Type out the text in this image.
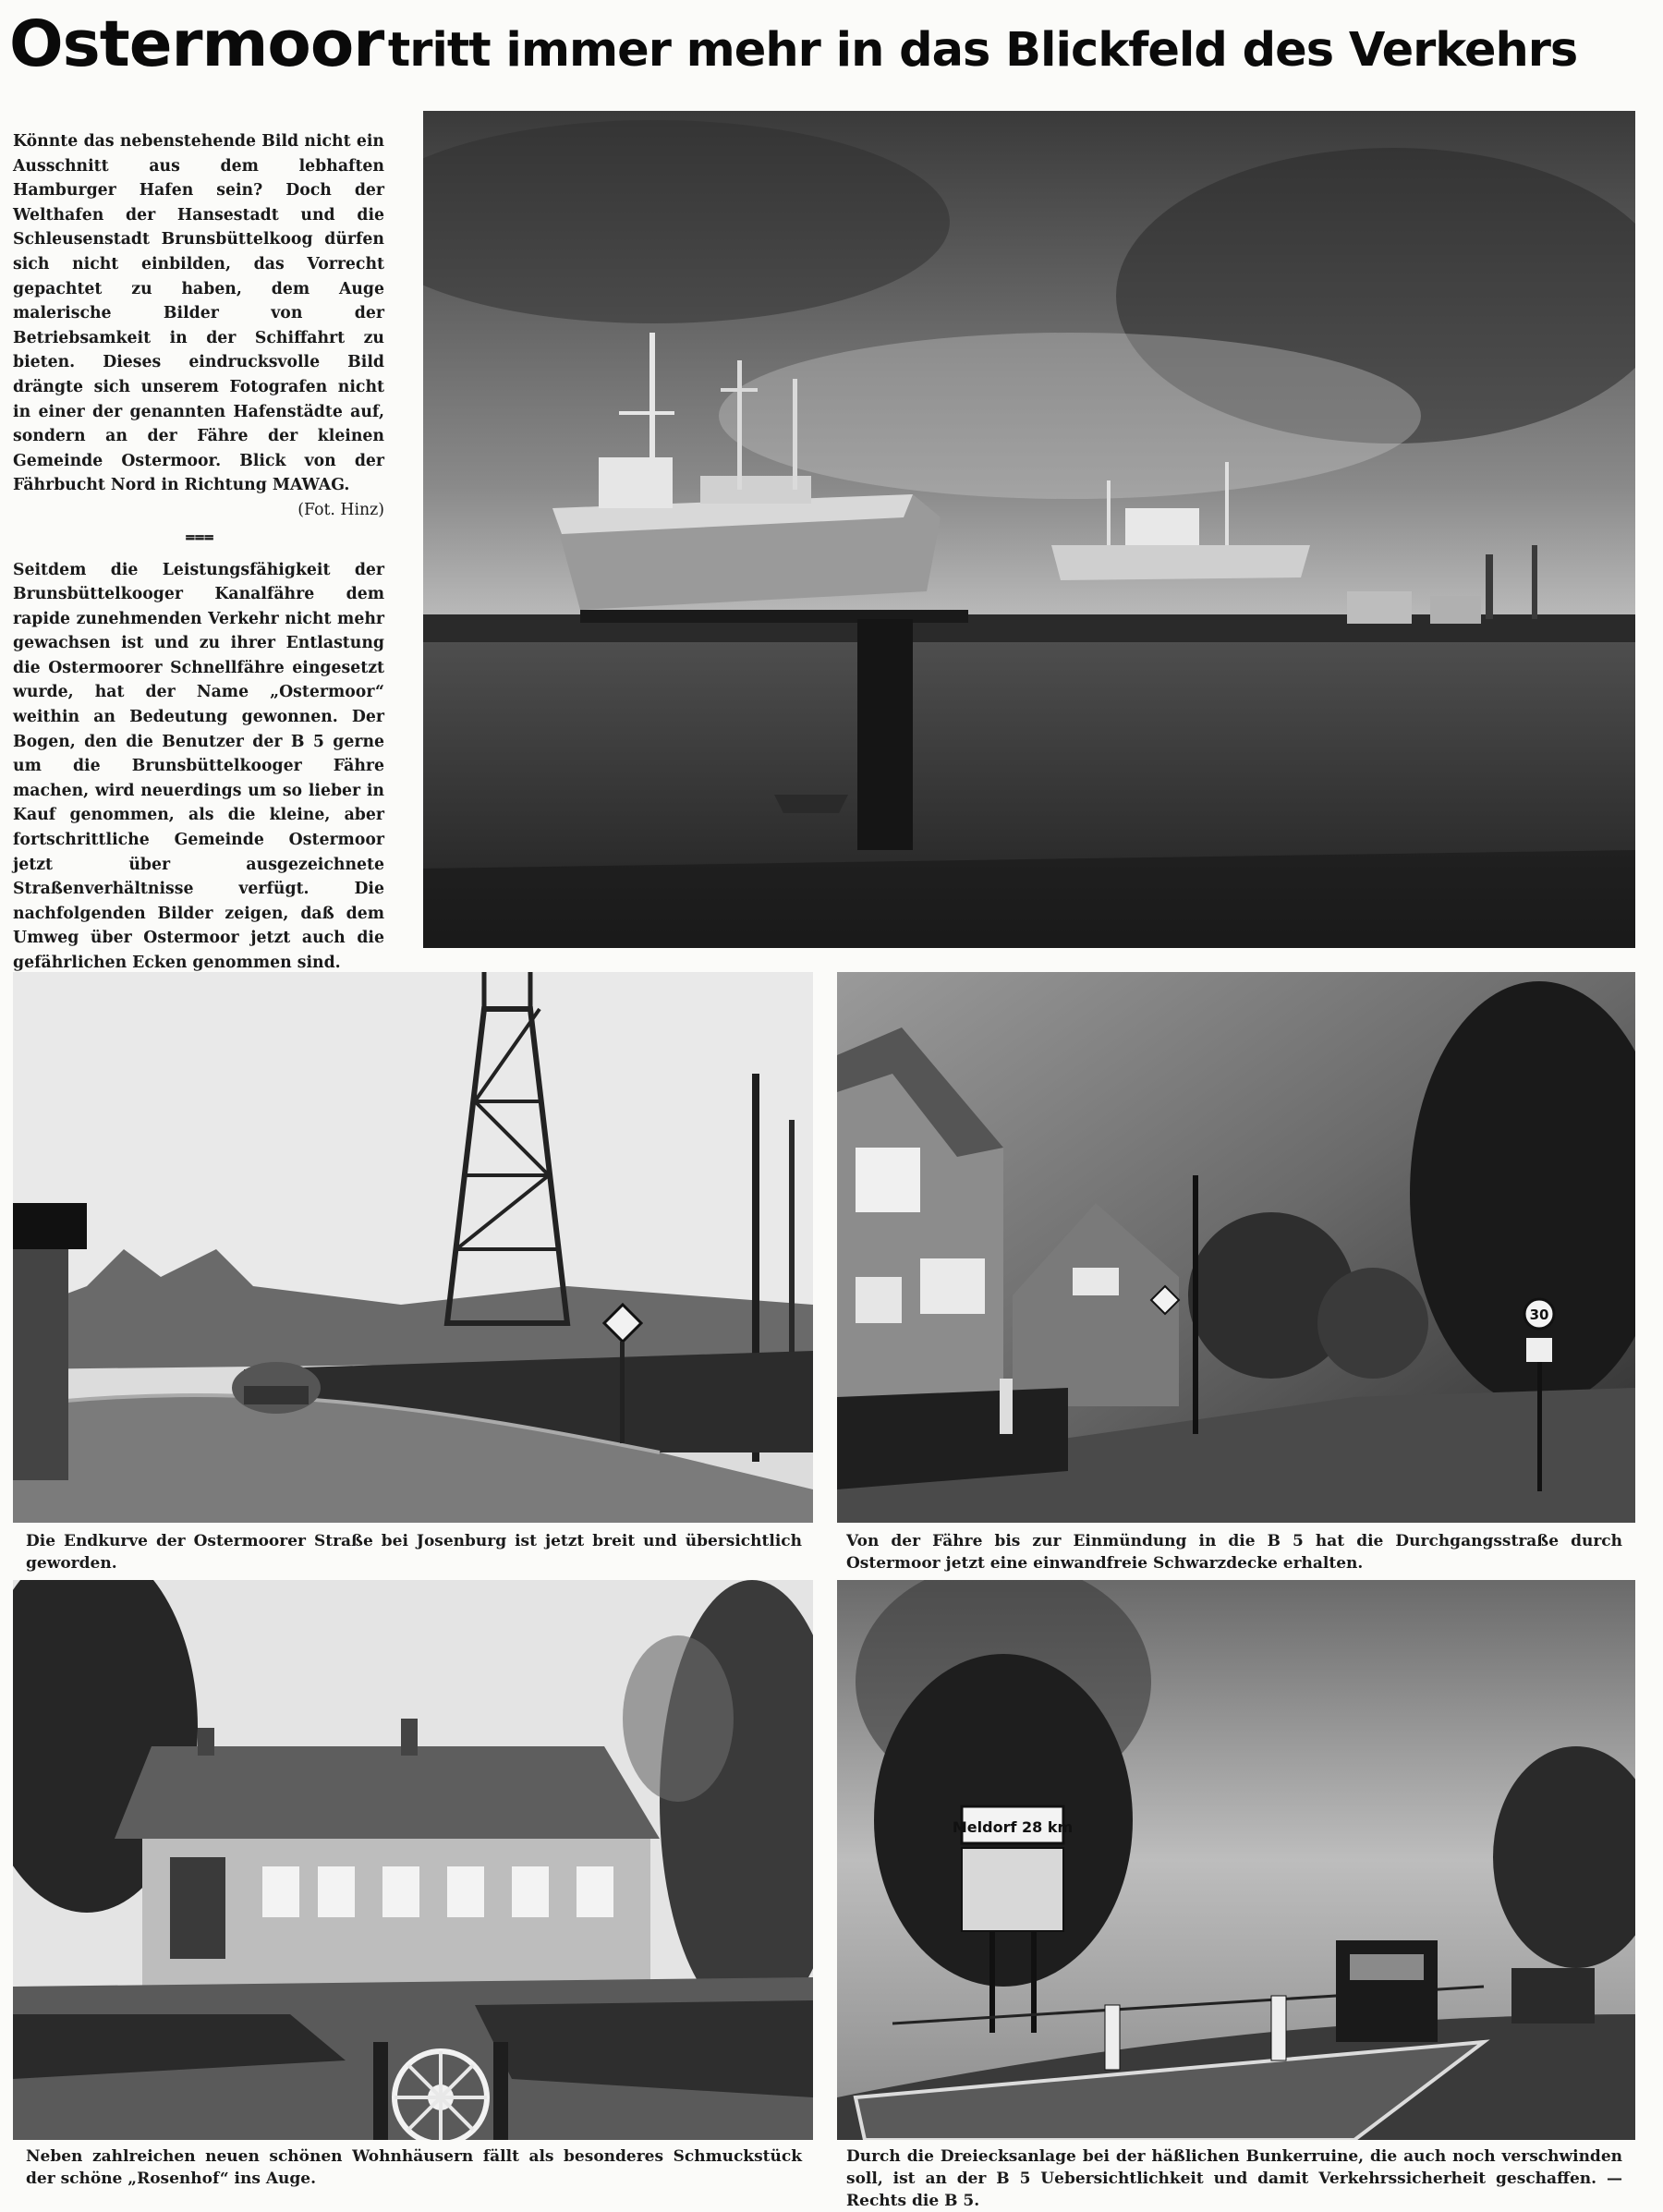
Ostermoor tritt immer mehr in das Blickfeld des Verkehrs
Könnte das nebenstehende Bild nicht ein Ausschnitt aus dem lebhaften Hamburger Hafen sein? Doch der Welthafen der Hansestadt und die Schleusenstadt Brunsbüttelkoog dürfen sich nicht einbilden, das Vorrecht gepachtet zu haben, dem Auge malerische Bilder von der Betriebsamkeit in der Schiffahrt zu bieten. Dieses eindrucksvolle Bild drängte sich unserem Fotografen nicht in einer der genannten Hafenstädte auf, sondern an der Fähre der kleinen Gemeinde Ostermoor. Blick von der Fährbucht Nord in Richtung MAWAG.
(Fot. Hinz)
⩶
Seitdem die Leistungsfähigkeit der Brunsbüttelkooger Kanalfähre dem rapide zunehmenden Verkehr nicht mehr gewachsen ist und zu ihrer Entlastung die Ostermoorer Schnellfähre eingesetzt wurde, hat der Name „Ostermoor“ weithin an Bedeutung gewonnen. Der Bogen, den die Benutzer der B 5 gerne um die Brunsbüttelkooger Fähre machen, wird neuerdings um so lieber in Kauf genommen, als die kleine, aber fortschrittliche Gemeinde Ostermoor jetzt über ausgezeichnete Straßenverhältnisse verfügt. Die nachfolgenden Bilder zeigen, daß dem Umweg über Ostermoor jetzt auch die gefährlichen Ecken genommen sind.
30
Die Endkurve der Ostermoorer Straße bei Josenburg ist jetzt breit und übersichtlich geworden.
Von der Fähre bis zur Einmündung in die B 5 hat die Durchgangsstraße durch Ostermoor jetzt eine einwandfreie Schwarzdecke erhalten.
Meldorf 28 km
Neben zahlreichen neuen schönen Wohnhäusern fällt als besonderes Schmuckstück der schöne „Rosenhof“ ins Auge.
Durch die Dreiecksanlage bei der häßlichen Bunkerruine, die auch noch verschwinden soll, ist an der B 5 Uebersichtlichkeit und damit Verkehrssicherheit geschaffen. — Rechts die B 5.
